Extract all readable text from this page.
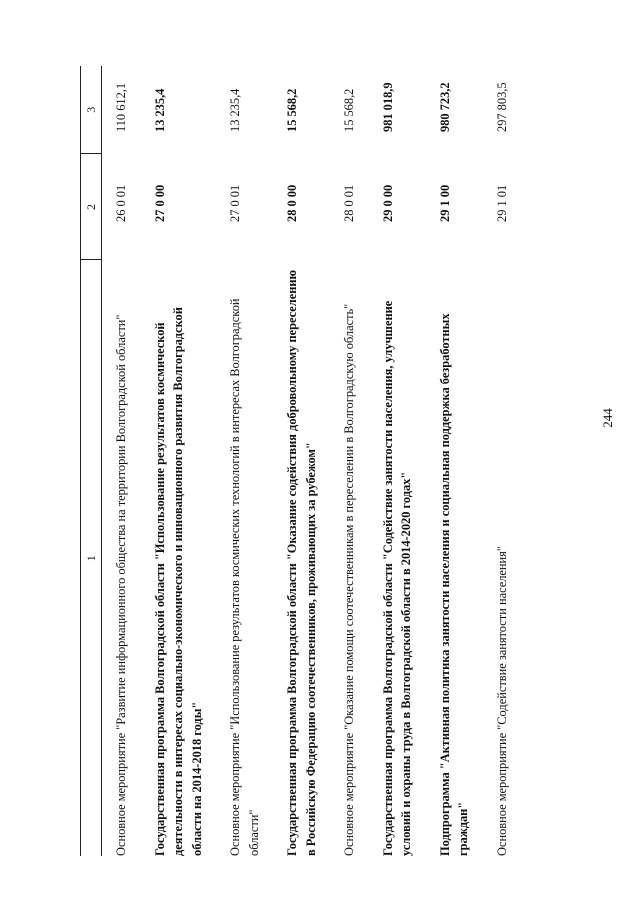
244
1	2	3
Основное мероприятие "Развитие информационного общества на территории Волгоградской области"	26 0 01	110 612,1
Государственная программа Волгоградской области "Использование результатов космической деятельности в интересах социально-экономического и инновационного развития Волгоградской области на 2014-2018 годы"	27 0 00	13 235,4
Основное мероприятие "Использование результатов космических технологий в интересах Волгоградской области"	27 0 01	13 235,4
Государственная программа Волгоградской области "Оказание содействия добровольному переселению в Российскую Федерацию соотечественников, проживающих за рубежом"	28 0 00	15 568,2
Основное мероприятие "Оказание помощи соотечественникам в переселении в Волгоградскую область"	28 0 01	15 568,2
Государственная программа Волгоградской области "Содействие занятости населения, улучшение условий и охраны труда в Волгоградской области в 2014-2020 годах"	29 0 00	981 018,9
Подпрограмма "Активная политика занятости населения и социальная поддержка безработных граждан"	29 1 00	980 723,2
Основное мероприятие "Содействие занятости населения"	29 1 01	297 803,5
